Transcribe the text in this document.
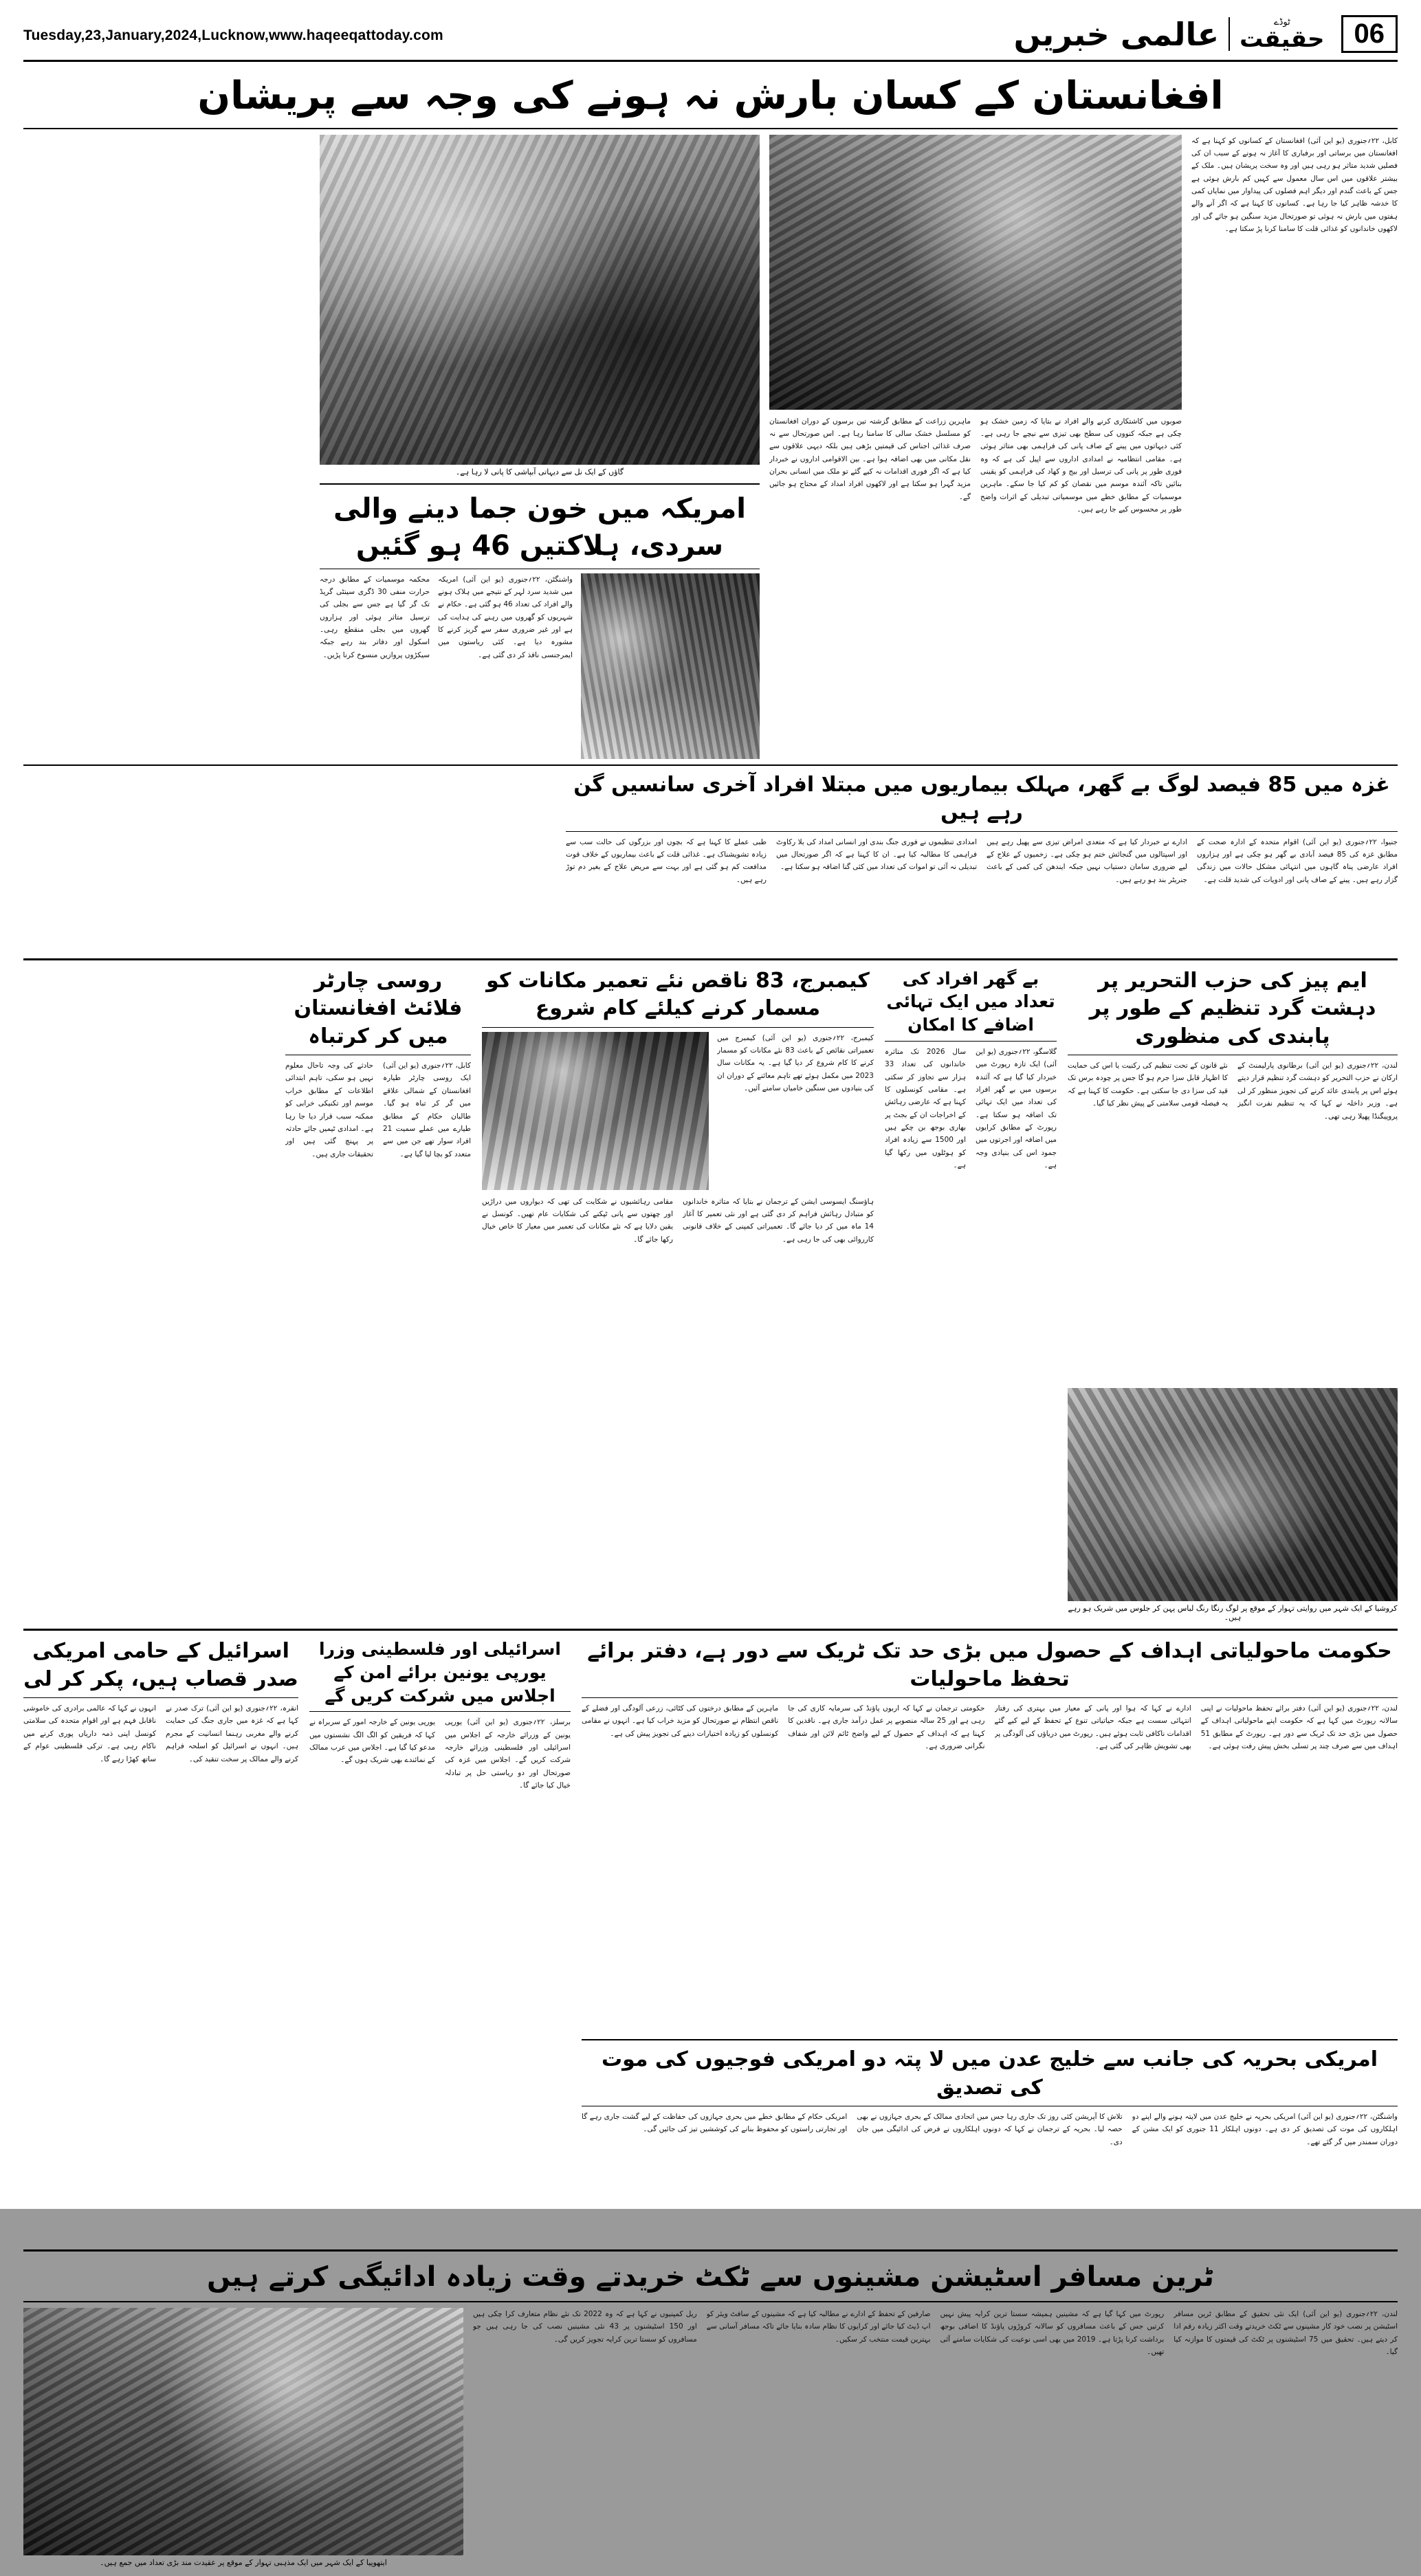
Tuesday,23,January,2024,Lucknow,www.haqeeqattoday.com	عالمی خبریں	ٹوڈے
حقیقت	06
افغانستان کے کسان بارش نہ ہونے کی وجہ سے پریشان
کابل، ۲۲؍جنوری (یو این آئی) افغانستان کے کسانوں کو کہنا ہے کہ افغانستان میں برساتی اور برفباری کا آغاز نہ ہونے کے سبب ان کی فصلیں شدید متاثر ہو رہی ہیں اور وہ سخت پریشان ہیں۔ ملک کے بیشتر علاقوں میں اس سال معمول سے کہیں کم بارش ہوئی ہے جس کے باعث گندم اور دیگر اہم فصلوں کی پیداوار میں نمایاں کمی کا خدشہ ظاہر کیا جا رہا ہے۔ کسانوں کا کہنا ہے کہ اگر آنے والے ہفتوں میں بارش نہ ہوئی تو صورتحال مزید سنگین ہو جائے گی اور لاکھوں خاندانوں کو غذائی قلت کا سامنا کرنا پڑ سکتا ہے۔
صوبوں میں کاشتکاری کرنے والے افراد نے بتایا کہ زمین خشک ہو چکی ہے جبکہ کنووں کی سطح بھی تیزی سے نیچے جا رہی ہے۔ کئی دیہاتوں میں پینے کے صاف پانی کی فراہمی بھی متاثر ہوئی ہے۔ مقامی انتظامیہ نے امدادی اداروں سے اپیل کی ہے کہ وہ فوری طور پر پانی کی ترسیل اور بیج و کھاد کی فراہمی کو یقینی بنائیں تاکہ آئندہ موسم میں نقصان کو کم کیا جا سکے۔ ماہرین موسمیات کے مطابق خطے میں موسمیاتی تبدیلی کے اثرات واضح طور پر محسوس کیے جا رہے ہیں۔
ماہرین زراعت کے مطابق گزشتہ تین برسوں کے دوران افغانستان کو مسلسل خشک سالی کا سامنا رہا ہے۔ اس صورتحال سے نہ صرف غذائی اجناس کی قیمتیں بڑھی ہیں بلکہ دیہی علاقوں سے نقل مکانی میں بھی اضافہ ہوا ہے۔ بین الاقوامی اداروں نے خبردار کیا ہے کہ اگر فوری اقدامات نہ کیے گئے تو ملک میں انسانی بحران مزید گہرا ہو سکتا ہے اور لاکھوں افراد امداد کے محتاج ہو جائیں گے۔
گاؤں کے ایک نل سے دیہاتی آبپاشی کا پانی لا رہا ہے۔
امریکہ میں خون جما دینے والی سردی، ہلاکتیں 46 ہو گئیں
واشنگٹن، ۲۲؍جنوری (یو این آئی) امریکہ میں شدید سرد لہر کے نتیجے میں ہلاک ہونے والے افراد کی تعداد 46 ہو گئی ہے۔ حکام نے شہریوں کو گھروں میں رہنے کی ہدایت کی ہے اور غیر ضروری سفر سے گریز کرنے کا مشورہ دیا ہے۔ کئی ریاستوں میں ایمرجنسی نافذ کر دی گئی ہے۔
محکمہ موسمیات کے مطابق درجہ حرارت منفی 30 ڈگری سینٹی گریڈ تک گر گیا ہے جس سے بجلی کی ترسیل متاثر ہوئی اور ہزاروں گھروں میں بجلی منقطع رہی۔ اسکول اور دفاتر بند رہے جبکہ سیکڑوں پروازیں منسوخ کرنا پڑیں۔
غزہ میں 85 فیصد لوگ بے گھر، مہلک بیماریوں میں مبتلا افراد آخری سانسیں گن رہے ہیں
جنیوا، ۲۲؍جنوری (یو این آئی) اقوام متحدہ کے ادارہ صحت کے مطابق غزہ کی 85 فیصد آبادی بے گھر ہو چکی ہے اور ہزاروں افراد عارضی پناہ گاہوں میں انتہائی مشکل حالات میں زندگی گزار رہے ہیں۔ پینے کے صاف پانی اور ادویات کی شدید قلت ہے۔
ادارے نے خبردار کیا ہے کہ متعدی امراض تیزی سے پھیل رہے ہیں اور اسپتالوں میں گنجائش ختم ہو چکی ہے۔ زخمیوں کے علاج کے لیے ضروری سامان دستیاب نہیں جبکہ ایندھن کی کمی کے باعث جنریٹر بند ہو رہے ہیں۔
امدادی تنظیموں نے فوری جنگ بندی اور انسانی امداد کی بلا رکاوٹ فراہمی کا مطالبہ کیا ہے۔ ان کا کہنا ہے کہ اگر صورتحال میں تبدیلی نہ آئی تو اموات کی تعداد میں کئی گنا اضافہ ہو سکتا ہے۔
طبی عملے کا کہنا ہے کہ بچوں اور بزرگوں کی حالت سب سے زیادہ تشویشناک ہے۔ غذائی قلت کے باعث بیماریوں کے خلاف قوت مدافعت کم ہو گئی ہے اور بہت سے مریض علاج کے بغیر دم توڑ رہے ہیں۔
ایم پیز کی حزب التحریر پر دہشت گرد تنظیم کے طور پر پابندی کی منظوری
لندن، ۲۲؍جنوری (یو این آئی) برطانوی پارلیمنٹ کے ارکان نے حزب التحریر کو دہشت گرد تنظیم قرار دیتے ہوئے اس پر پابندی عائد کرنے کی تجویز منظور کر لی ہے۔ وزیر داخلہ نے کہا کہ یہ تنظیم نفرت انگیز پروپیگنڈا پھیلا رہی تھی۔
نئے قانون کے تحت تنظیم کی رکنیت یا اس کی حمایت کا اظہار قابل سزا جرم ہو گا جس پر چودہ برس تک قید کی سزا دی جا سکتی ہے۔ حکومت کا کہنا ہے کہ یہ فیصلہ قومی سلامتی کے پیش نظر کیا گیا۔
کروشیا کے ایک شہر میں روایتی تہوار کے موقع پر لوگ رنگا رنگ لباس پہن کر جلوس میں شریک ہو رہے ہیں۔
بے گھر افراد کی تعداد میں ایک تہائی اضافے کا امکان
گلاسگو، ۲۲؍جنوری (یو این آئی) ایک تازہ رپورٹ میں خبردار کیا گیا ہے کہ آئندہ برسوں میں بے گھر افراد کی تعداد میں ایک تہائی تک اضافہ ہو سکتا ہے۔ رپورٹ کے مطابق کرایوں میں اضافہ اور اجرتوں میں جمود اس کی بنیادی وجہ ہے۔
سال 2026 تک متاثرہ خاندانوں کی تعداد 33 ہزار سے تجاوز کر سکتی ہے۔ مقامی کونسلوں کا کہنا ہے کہ عارضی رہائش کے اخراجات ان کے بجٹ پر بھاری بوجھ بن چکے ہیں اور 1500 سے زیادہ افراد کو ہوٹلوں میں رکھا گیا ہے۔
کیمبرج، 83 ناقص نئے تعمیر مکانات کو مسمار کرنے کیلئے کام شروع
کیمبرج، ۲۲؍جنوری (یو این آئی) کیمبرج میں تعمیراتی نقائص کے باعث 83 نئے مکانات کو مسمار کرنے کا کام شروع کر دیا گیا ہے۔ یہ مکانات سال 2023 میں مکمل ہوئے تھے تاہم معائنے کے دوران ان کی بنیادوں میں سنگین خامیاں سامنے آئیں۔
ہاؤسنگ ایسوسی ایشن کے ترجمان نے بتایا کہ متاثرہ خاندانوں کو متبادل رہائش فراہم کر دی گئی ہے اور نئی تعمیر کا آغاز 14 ماہ میں کر دیا جائے گا۔ تعمیراتی کمپنی کے خلاف قانونی کارروائی بھی کی جا رہی ہے۔
مقامی رہائشیوں نے شکایت کی تھی کہ دیواروں میں دراڑیں اور چھتوں سے پانی ٹپکنے کی شکایات عام تھیں۔ کونسل نے یقین دلایا ہے کہ نئے مکانات کی تعمیر میں معیار کا خاص خیال رکھا جائے گا۔
روسی چارٹر فلائٹ افغانستان میں کر کرتباہ
کابل، ۲۲؍جنوری (یو این آئی) ایک روسی چارٹر طیارہ افغانستان کے شمالی علاقے میں گر کر تباہ ہو گیا۔ طالبان حکام کے مطابق طیارے میں عملے سمیت 21 افراد سوار تھے جن میں سے متعدد کو بچا لیا گیا ہے۔
حادثے کی وجہ تاحال معلوم نہیں ہو سکی، تاہم ابتدائی اطلاعات کے مطابق خراب موسم اور تکنیکی خرابی کو ممکنہ سبب قرار دیا جا رہا ہے۔ امدادی ٹیمیں جائے حادثہ پر پہنچ گئی ہیں اور تحقیقات جاری ہیں۔
حکومت ماحولیاتی اہداف کے حصول میں بڑی حد تک ٹریک سے دور ہے، دفتر برائے تحفظ ماحولیات
لندن، ۲۲؍جنوری (یو این آئی) دفتر برائے تحفظ ماحولیات نے اپنی سالانہ رپورٹ میں کہا ہے کہ حکومت اپنے ماحولیاتی اہداف کے حصول میں بڑی حد تک ٹریک سے دور ہے۔ رپورٹ کے مطابق 51 اہداف میں سے صرف چند پر تسلی بخش پیش رفت ہوئی ہے۔
ادارے نے کہا کہ ہوا اور پانی کے معیار میں بہتری کی رفتار انتہائی سست ہے جبکہ حیاتیاتی تنوع کے تحفظ کے لیے کیے گئے اقدامات ناکافی ثابت ہوئے ہیں۔ رپورٹ میں دریاؤں کی آلودگی پر بھی تشویش ظاہر کی گئی ہے۔
حکومتی ترجمان نے کہا کہ اربوں پاؤنڈ کی سرمایہ کاری کی جا رہی ہے اور 25 سالہ منصوبے پر عمل درآمد جاری ہے۔ ناقدین کا کہنا ہے کہ اہداف کے حصول کے لیے واضح ٹائم لائن اور شفاف نگرانی ضروری ہے۔
ماہرین کے مطابق درختوں کی کٹائی، زرعی آلودگی اور فضلے کے ناقص انتظام نے صورتحال کو مزید خراب کیا ہے۔ انہوں نے مقامی کونسلوں کو زیادہ اختیارات دینے کی تجویز پیش کی ہے۔
امریکی بحریہ کی جانب سے خلیج عدن میں لا پتہ دو امریکی فوجیوں کی موت کی تصدیق
واشنگٹن، ۲۲؍جنوری (یو این آئی) امریکی بحریہ نے خلیج عدن میں لاپتہ ہونے والے اپنے دو اہلکاروں کی موت کی تصدیق کر دی ہے۔ دونوں اہلکار 11 جنوری کو ایک مشن کے دوران سمندر میں گر گئے تھے۔
تلاش کا آپریشن کئی روز تک جاری رہا جس میں اتحادی ممالک کے بحری جہازوں نے بھی حصہ لیا۔ بحریہ کے ترجمان نے کہا کہ دونوں اہلکاروں نے فرض کی ادائیگی میں جان دی۔
امریکی حکام کے مطابق خطے میں بحری جہازوں کی حفاظت کے لیے گشت جاری رہے گا اور تجارتی راستوں کو محفوظ بنانے کی کوششیں تیز کی جائیں گی۔
اسرائیلی اور فلسطینی وزرا یورپی یونین برائے امن کے اجلاس میں شرکت کریں گے
برسلز، ۲۲؍جنوری (یو این آئی) یورپی یونین کے وزرائے خارجہ کے اجلاس میں اسرائیلی اور فلسطینی وزرائے خارجہ شرکت کریں گے۔ اجلاس میں غزہ کی صورتحال اور دو ریاستی حل پر تبادلہ خیال کیا جائے گا۔
یورپی یونین کے خارجہ امور کے سربراہ نے کہا کہ فریقین کو الگ الگ نشستوں میں مدعو کیا گیا ہے۔ اجلاس میں عرب ممالک کے نمائندے بھی شریک ہوں گے۔
اسرائیل کے حامی امریکی صدر قصاب ہیں، پکر کر لی
انقرہ، ۲۲؍جنوری (یو این آئی) ترک صدر نے کہا ہے کہ غزہ میں جاری جنگ کی حمایت کرنے والے مغربی رہنما انسانیت کے مجرم ہیں۔ انہوں نے اسرائیل کو اسلحہ فراہم کرنے والے ممالک پر سخت تنقید کی۔
انہوں نے کہا کہ عالمی برادری کی خاموشی ناقابل فہم ہے اور اقوام متحدہ کی سلامتی کونسل اپنی ذمہ داریاں پوری کرنے میں ناکام رہی ہے۔ ترکی فلسطینی عوام کے ساتھ کھڑا رہے گا۔
ٹرین مسافر اسٹیشن مشینوں سے ٹکٹ خریدتے وقت زیادہ ادائیگی کرتے ہیں
لندن، ۲۲؍جنوری (یو این آئی) ایک نئی تحقیق کے مطابق ٹرین مسافر اسٹیشن پر نصب خود کار مشینوں سے ٹکٹ خریدتے وقت اکثر زیادہ رقم ادا کر دیتے ہیں۔ تحقیق میں 75 اسٹیشنوں پر ٹکٹ کی قیمتوں کا موازنہ کیا گیا۔
رپورٹ میں کہا گیا ہے کہ مشینیں ہمیشہ سستا ترین کرایہ پیش نہیں کرتیں جس کے باعث مسافروں کو سالانہ کروڑوں پاؤنڈ کا اضافی بوجھ برداشت کرنا پڑتا ہے۔ 2019 میں بھی اسی نوعیت کی شکایات سامنے آئی تھیں۔
صارفین کے تحفظ کے ادارے نے مطالبہ کیا ہے کہ مشینوں کے سافٹ ویئر کو اپ ڈیٹ کیا جائے اور کرایوں کا نظام سادہ بنایا جائے تاکہ مسافر آسانی سے بہترین قیمت منتخب کر سکیں۔
ریل کمپنیوں نے کہا ہے کہ وہ 2022 تک نئے نظام متعارف کرا چکی ہیں اور 150 اسٹیشنوں پر 43 نئی مشینیں نصب کی جا رہی ہیں جو مسافروں کو سستا ترین کرایہ تجویز کریں گی۔
ایتھوپیا کے ایک شہر میں ایک مذہبی تہوار کے موقع پر عقیدت مند بڑی تعداد میں جمع ہیں۔
